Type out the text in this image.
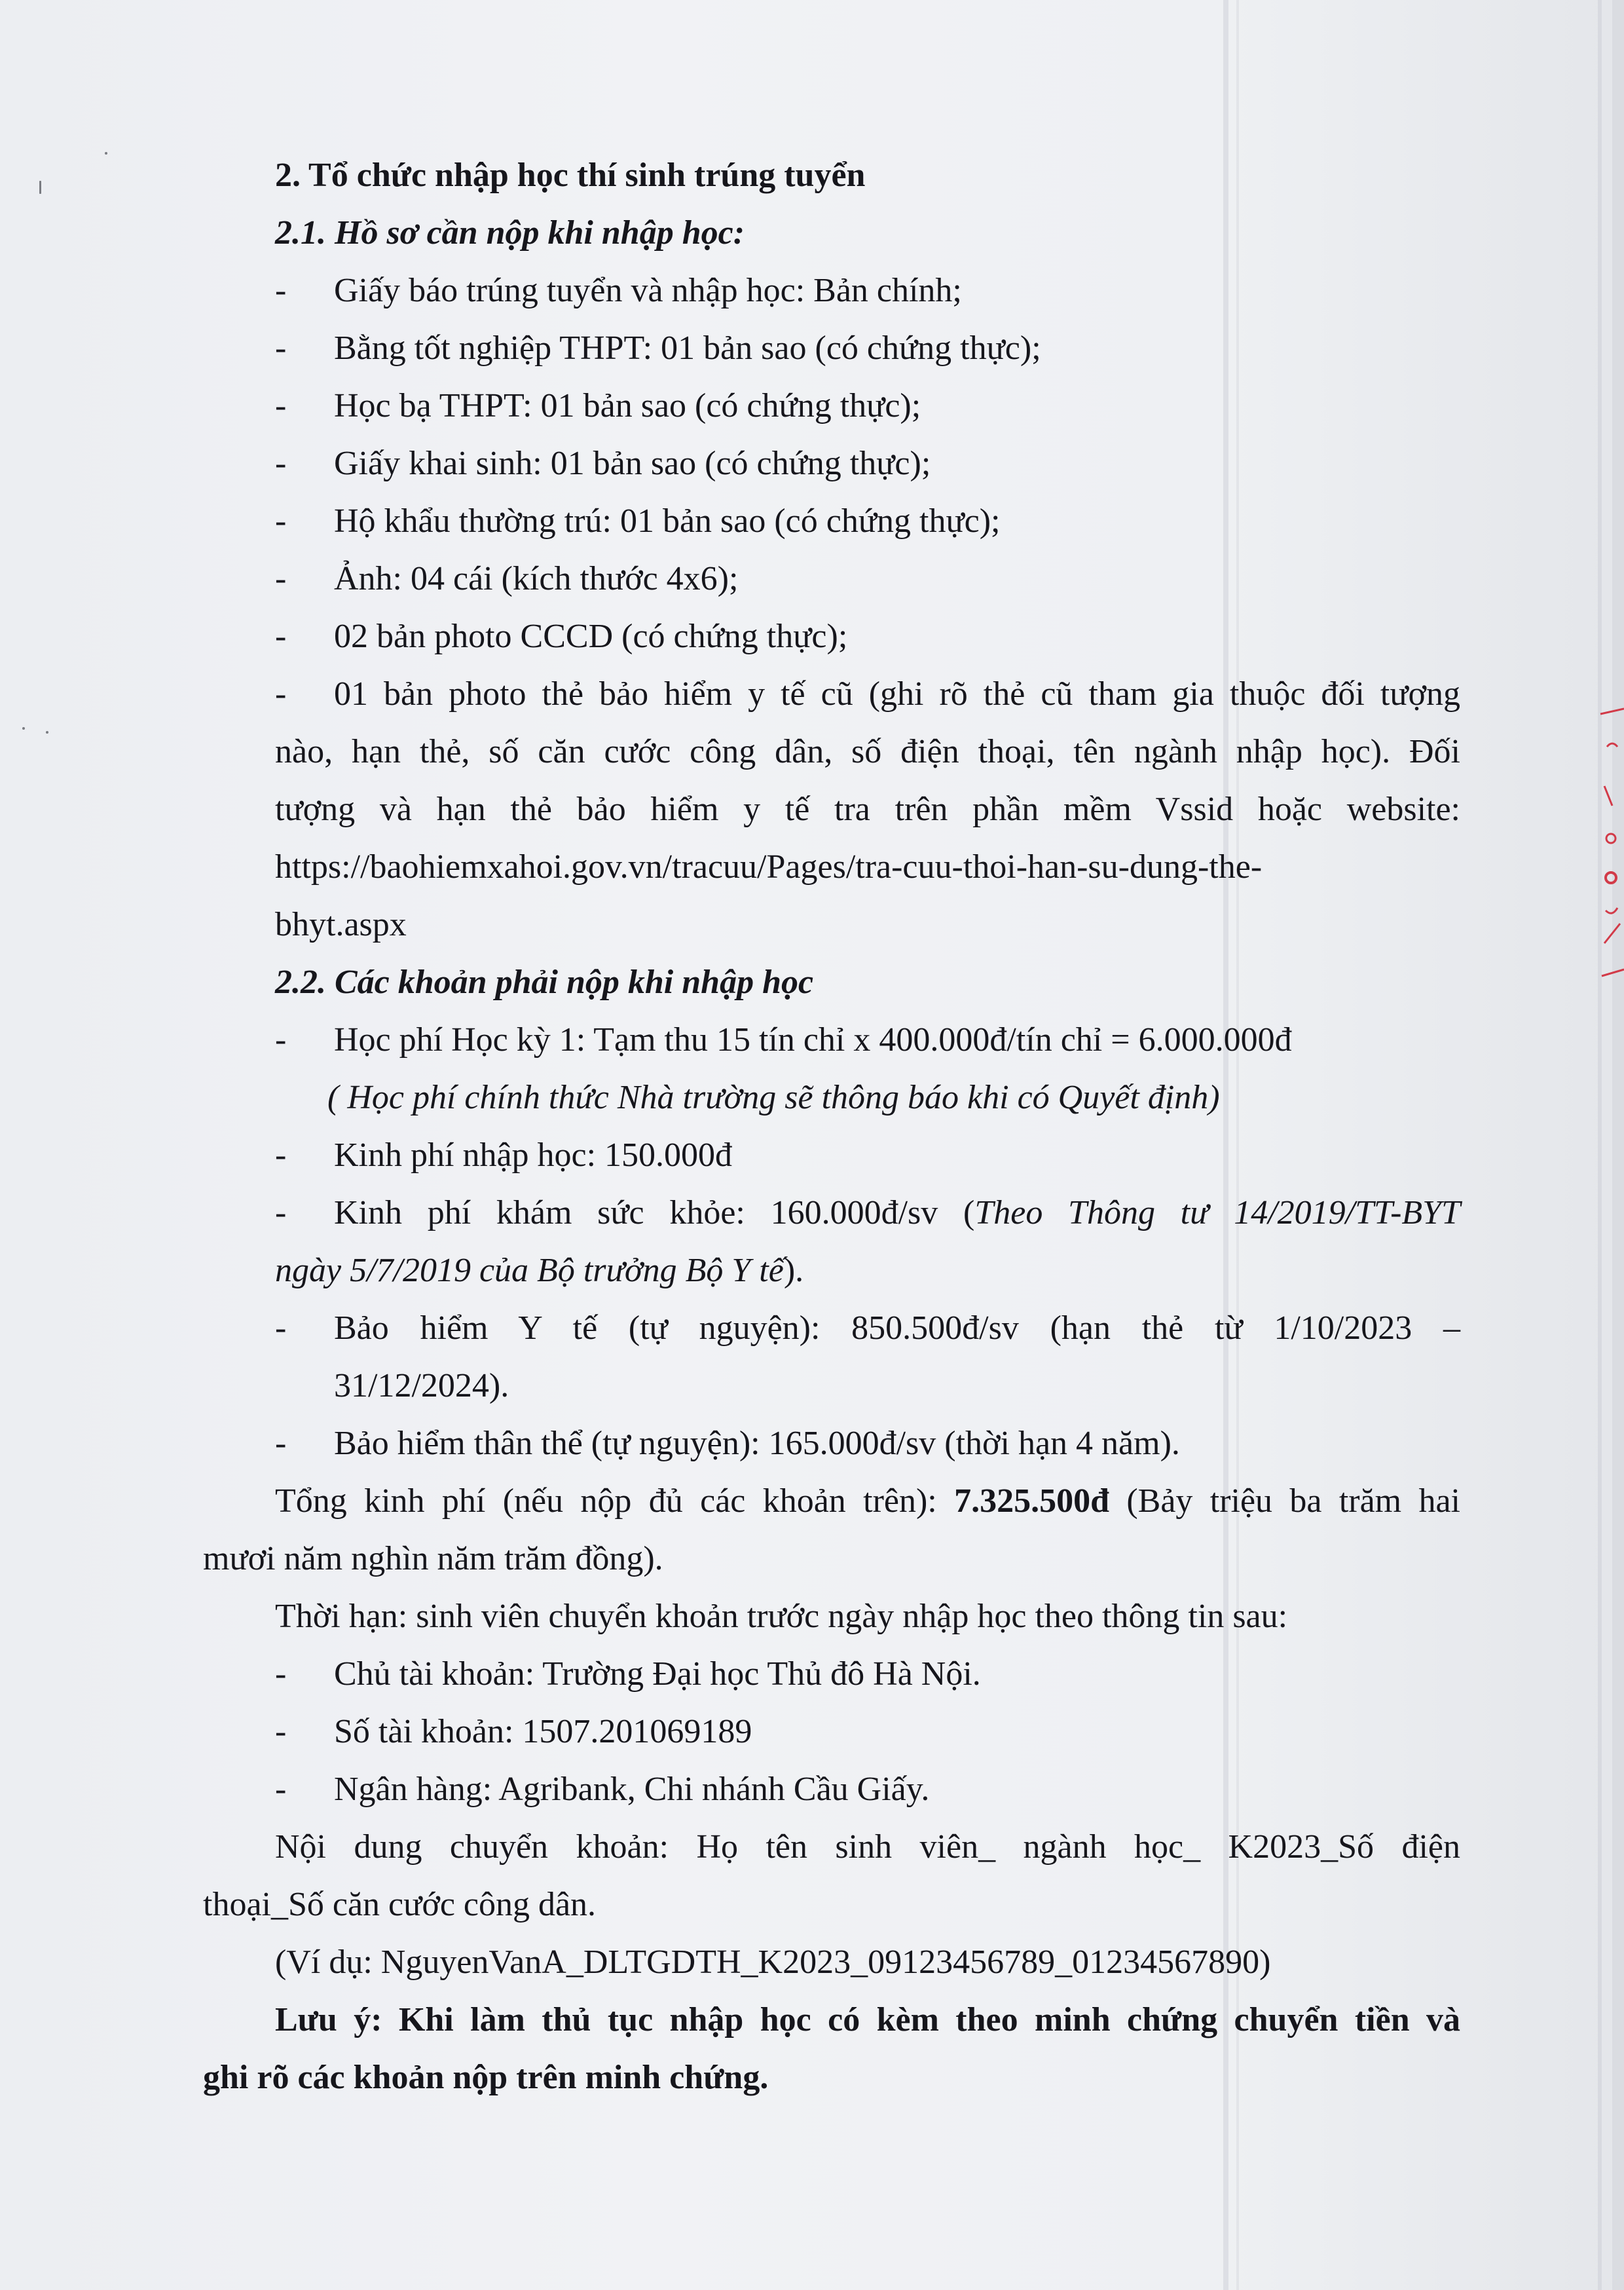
2. Tổ chức nhập học thí sinh trúng tuyển
2.1. Hồ sơ cần nộp khi nhập học:
- Giấy báo trúng tuyển và nhập học: Bản chính;
- Bằng tốt nghiệp THPT: 01 bản sao (có chứng thực);
- Học bạ THPT: 01 bản sao (có chứng thực);
- Giấy khai sinh: 01 bản sao (có chứng thực);
- Hộ khẩu thường trú: 01 bản sao (có chứng thực);
- Ảnh: 04 cái (kích thước 4x6);
- 02 bản photo CCCD (có chứng thực);
- 01 bản photo thẻ bảo hiểm y tế cũ (ghi rõ thẻ cũ tham gia thuộc đối tượng
nào, hạn thẻ, số căn cước công dân, số điện thoại, tên ngành nhập học). Đối
tượng và hạn thẻ bảo hiểm y tế tra trên phần mềm Vssid hoặc website:
https://baohiemxahoi.gov.vn/tracuu/Pages/tra-cuu-thoi-han-su-dung-the-
bhyt.aspx
2.2. Các khoản phải nộp khi nhập học
- Học phí Học kỳ 1: Tạm thu 15 tín chỉ x 400.000đ/tín chỉ = 6.000.000đ
( Học phí chính thức Nhà trường sẽ thông báo khi có Quyết định)
- Kinh phí nhập học: 150.000đ
- Kinh phí khám sức khỏe: 160.000đ/sv (Theo Thông tư 14/2019/TT-BYT
ngày 5/7/2019 của Bộ trưởng Bộ Y tế).
- Bảo hiểm Y tế (tự nguyện): 850.500đ/sv (hạn thẻ từ 1/10/2023 –
31/12/2024).
- Bảo hiểm thân thể (tự nguyện): 165.000đ/sv (thời hạn 4 năm).
Tổng kinh phí (nếu nộp đủ các khoản trên): 7.325.500đ (Bảy triệu ba trăm hai
mươi năm nghìn năm trăm đồng).
Thời hạn: sinh viên chuyển khoản trước ngày nhập học theo thông tin sau:
- Chủ tài khoản: Trường Đại học Thủ đô Hà Nội.
- Số tài khoản: 1507.201069189
- Ngân hàng: Agribank, Chi nhánh Cầu Giấy.
Nội dung chuyển khoản: Họ tên sinh viên_ ngành học_ K2023_Số điện
thoại_Số căn cước công dân.
(Ví dụ: NguyenVanA_DLTGDTH_K2023_09123456789_01234567890)
Lưu ý: Khi làm thủ tục nhập học có kèm theo minh chứng chuyển tiền và
ghi rõ các khoản nộp trên minh chứng.
